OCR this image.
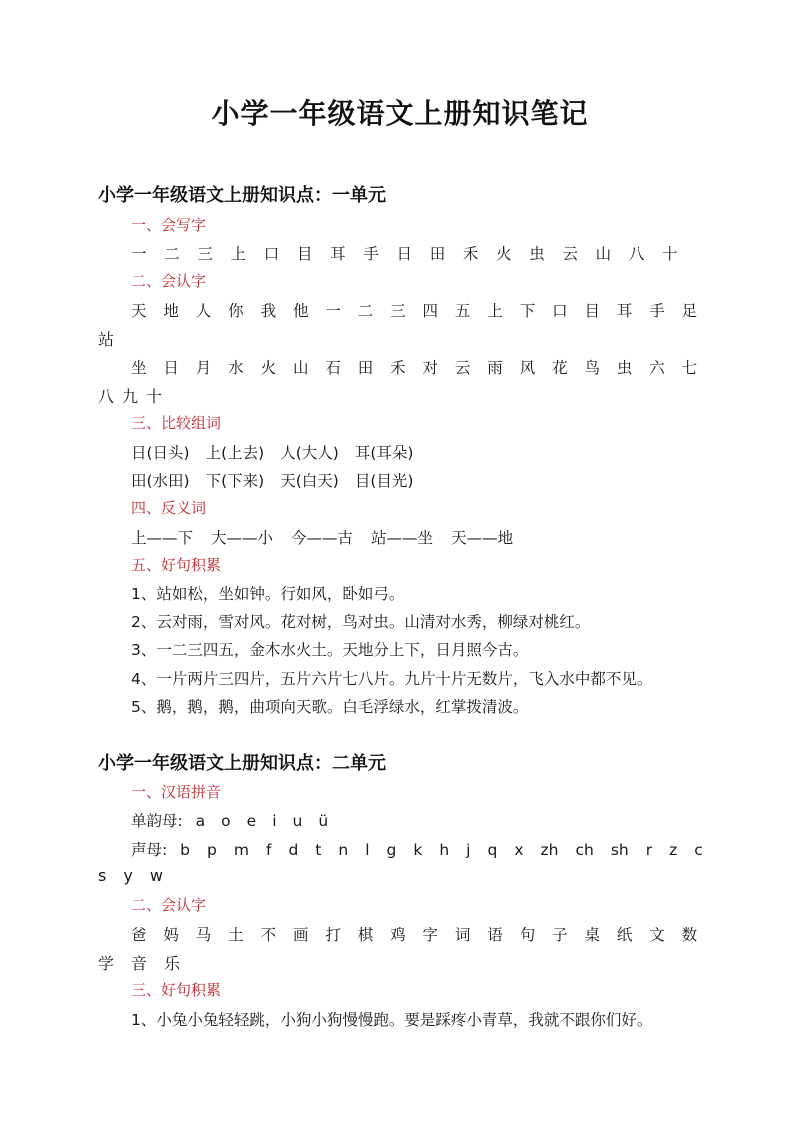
小学一年级语文上册知识笔记
小学一年级语文上册知识点：一单元
一、会写字
一 二 三 上 口 目 耳 手 日 田 禾 火 虫 云 山 八 十
二、会认字
天 地 人 你 我 他 一 二 三 四 五 上 下 口 目 耳 手 足
站
坐 日 月 水 火 山 石 田 禾 对 云 雨 风 花 鸟 虫 六 七
八 九 十
三、比较组词
日(日头) 上(上去) 人(大人) 耳(耳朵)
田(水田) 下(下来) 天(白天) 目(目光)
四、反义词
上——下 大——小 今——古 站——坐 天——地
五、好句积累
1、站如松，坐如钟。行如风，卧如弓。
2、云对雨，雪对风。花对树，鸟对虫。山清对水秀，柳绿对桃红。
3、一二三四五，金木水火土。天地分上下，日月照今古。
4、一片两片三四片，五片六片七八片。九片十片无数片，飞入水中都不见。
5、鹅，鹅，鹅，曲项向天歌。白毛浮绿水，红掌拨清波。
小学一年级语文上册知识点：二单元
一、汉语拼音
单韵母: a o e i u ü
声母: b p m f d t n l g k h j q x zh ch sh r z c
s y w
二、会认字
爸 妈 马 土 不 画 打 棋 鸡 字 词 语 句 子 桌 纸 文 数
学 音 乐
三、好句积累
1、小兔小兔轻轻跳，小狗小狗慢慢跑。要是踩疼小青草，我就不跟你们好。
